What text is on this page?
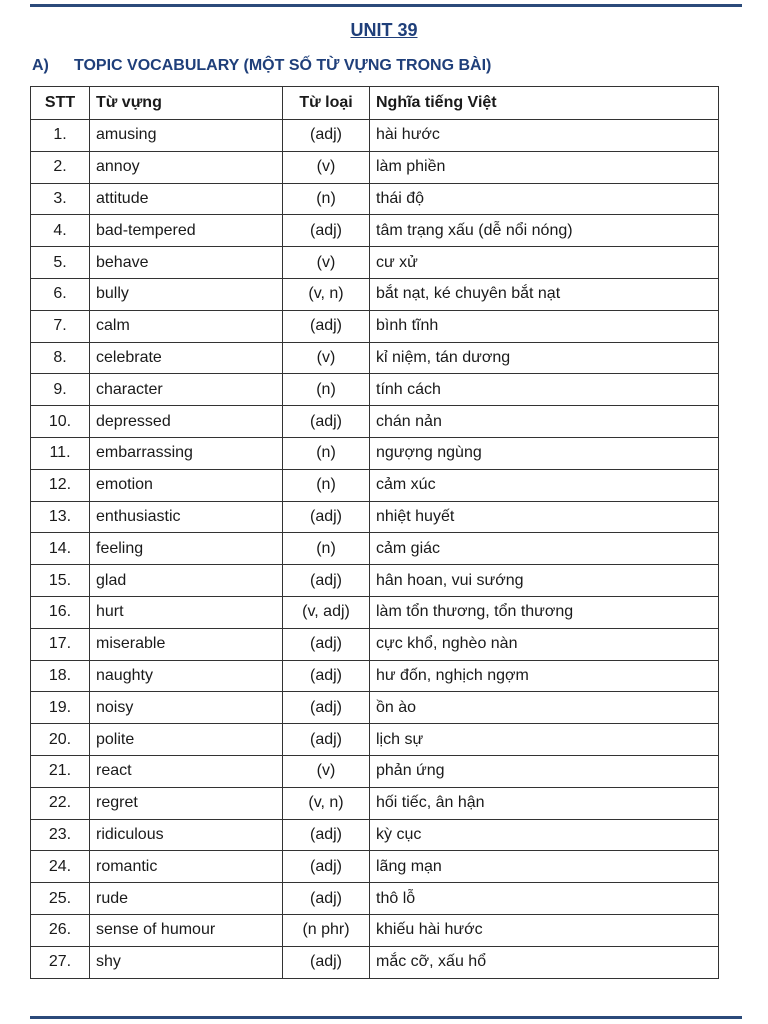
UNIT 39
A) TOPIC VOCABULARY (MỘT SỐ TỪ VỰNG TRONG BÀI)
STT	Từ vựng	Từ loại	Nghĩa tiếng Việt
1.	amusing	(adj)	hài hước
2.	annoy	(v)	làm phiền
3.	attitude	(n)	thái độ
4.	bad-tempered	(adj)	tâm trạng xấu (dễ nổi nóng)
5.	behave	(v)	cư xử
6.	bully	(v, n)	bắt nạt, ké chuyên bắt nạt
7.	calm	(adj)	bình tĩnh
8.	celebrate	(v)	kỉ niệm, tán dương
9.	character	(n)	tính cách
10.	depressed	(adj)	chán nản
11.	embarrassing	(n)	ngượng ngùng
12.	emotion	(n)	cảm xúc
13.	enthusiastic	(adj)	nhiệt huyết
14.	feeling	(n)	cảm giác
15.	glad	(adj)	hân hoan, vui sướng
16.	hurt	(v, adj)	làm tổn thương, tổn thương
17.	miserable	(adj)	cực khổ, nghèo nàn
18.	naughty	(adj)	hư đốn, nghịch ngợm
19.	noisy	(adj)	ồn ào
20.	polite	(adj)	lịch sự
21.	react	(v)	phản ứng
22.	regret	(v, n)	hối tiếc, ân hận
23.	ridiculous	(adj)	kỳ cục
24.	romantic	(adj)	lãng mạn
25.	rude	(adj)	thô lỗ
26.	sense of humour	(n phr)	khiếu hài hước
27.	shy	(adj)	mắc cỡ, xấu hổ
